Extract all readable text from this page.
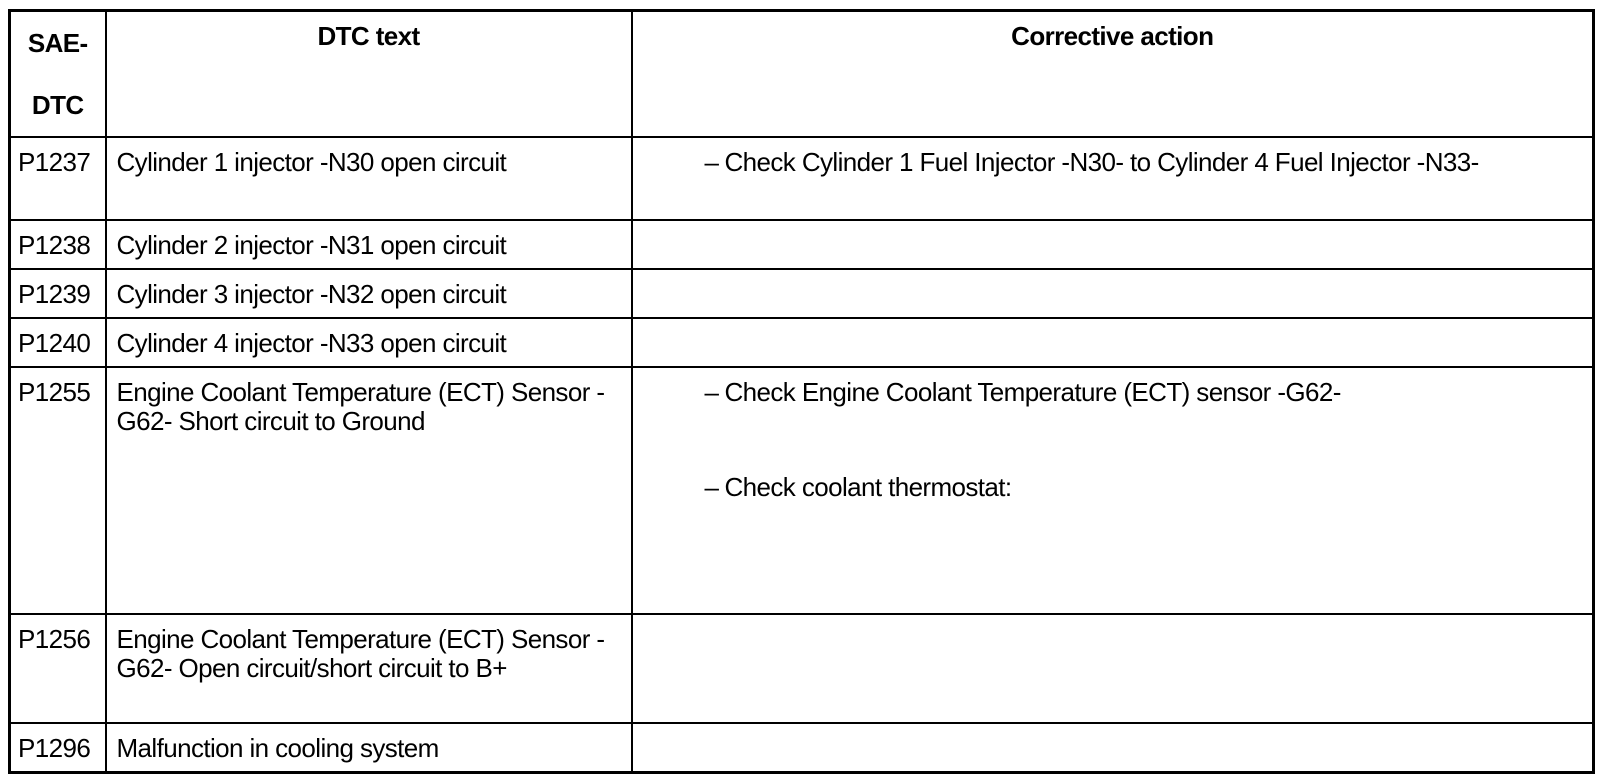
SAE-
DTC	DTC text	Corrective action
P1237	Cylinder 1 injector -N30 open circuit	– Check Cylinder 1 Fuel Injector -N30- to Cylinder 4 Fuel Injector -N33-

P1238	Cylinder 2 injector -N31 open circuit	
P1239	Cylinder 3 injector -N32 open circuit	
P1240	Cylinder 4 injector -N33 open circuit	
P1255	Engine Coolant Temperature (ECT) Sensor -G62- Short circuit to Ground	– Check Engine Coolant Temperature (ECT) sensor -G62-
– Check coolant thermostat:

P1256	Engine Coolant Temperature (ECT) Sensor -G62- Open circuit/short circuit to B+	
P1296	Malfunction in cooling system	
